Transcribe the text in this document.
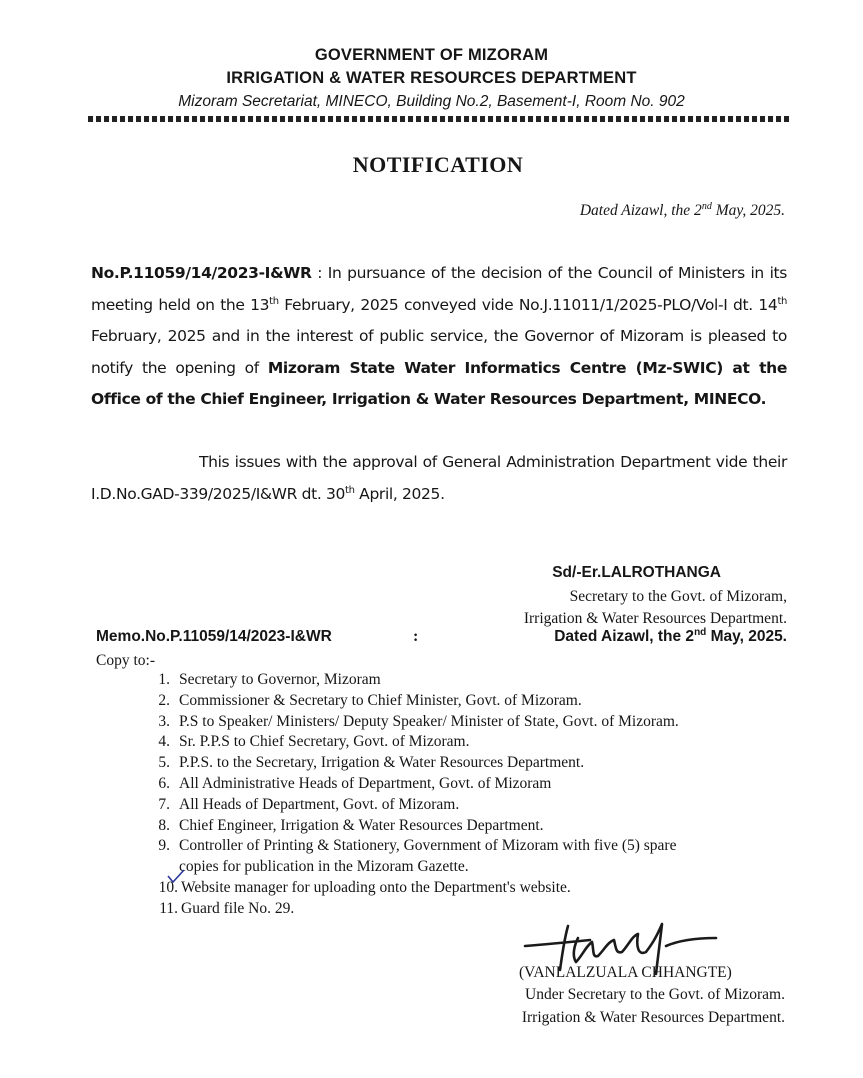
GOVERNMENT OF MIZORAM
IRRIGATION & WATER RESOURCES DEPARTMENT
Mizoram Secretariat, MINECO, Building No.2, Basement-I, Room No. 902
NOTIFICATION
Dated Aizawl, the 2nd May, 2025.
No.P.11059/14/2023-I&WR : In pursuance of the decision of the Council of Ministers in its meeting held on the 13th February, 2025 conveyed vide No.J.11011/1/2025-PLO/Vol-I dt. 14th February, 2025 and in the interest of public service, the Governor of Mizoram is pleased to notify the opening of Mizoram State Water Informatics Centre (Mz-SWIC) at the Office of the Chief Engineer, Irrigation & Water Resources Department, MINECO.
This issues with the approval of General Administration Department vide their I.D.No.GAD-339/2025/I&WR dt. 30th April, 2025.
Sd/-Er.LALROTHANGA
Secretary to the Govt. of Mizoram,
Irrigation & Water Resources Department.
Memo.No.P.11059/14/2023-I&WR	:	Dated Aizawl, the 2nd May, 2025.
Copy to:-
1. Secretary to Governor, Mizoram
2. Commissioner & Secretary to Chief Minister, Govt. of Mizoram.
3. P.S to Speaker/ Ministers/ Deputy Speaker/ Minister of State, Govt. of Mizoram.
4. Sr. P.P.S to Chief Secretary, Govt. of Mizoram.
5. P.P.S. to the Secretary, Irrigation & Water Resources Department.
6. All Administrative Heads of Department, Govt. of Mizoram
7. All Heads of Department, Govt. of Mizoram.
8. Chief Engineer, Irrigation & Water Resources Department.
9. Controller of Printing & Stationery, Government of Mizoram with five (5) spare
copies for publication in the Mizoram Gazette.
10. Website manager for uploading onto the Department's website.
11. Guard file No. 29.
(VANLALZUALA CHHANGTE)
Under Secretary to the Govt. of Mizoram.
Irrigation & Water Resources Department.
